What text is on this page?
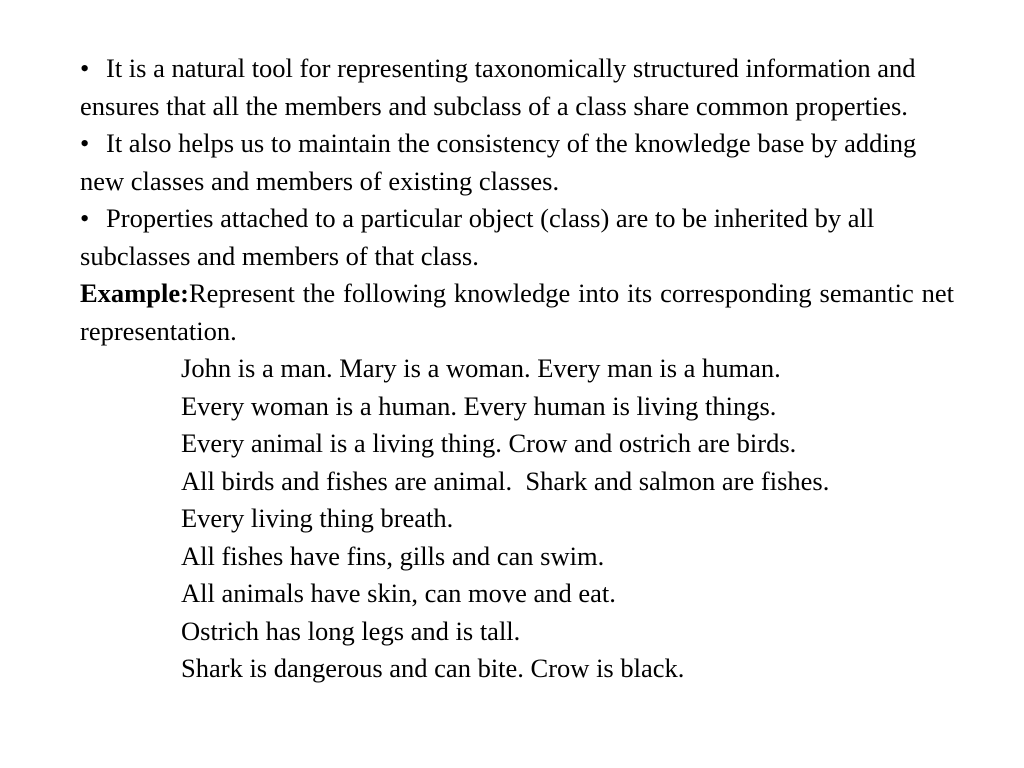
• It is a natural tool for representing taxonomically structured information and ensures that all the members and subclass of a class share common properties.

• It also helps us to maintain the consistency of the knowledge base by adding new classes and members of existing classes.

• Properties attached to a particular object (class) are to be inherited by all subclasses and members of that class.

Example:Represent the following knowledge into its corresponding semantic net representation.

John is a man. Mary is a woman. Every man is a human.

Every woman is a human. Every human is living things.

Every animal is a living thing. Crow and ostrich are birds.

All birds and fishes are animal.  Shark and salmon are fishes.

Every living thing breath.

All fishes have fins, gills and can swim.

All animals have skin, can move and eat.

Ostrich has long legs and is tall.

Shark is dangerous and can bite. Crow is black.
